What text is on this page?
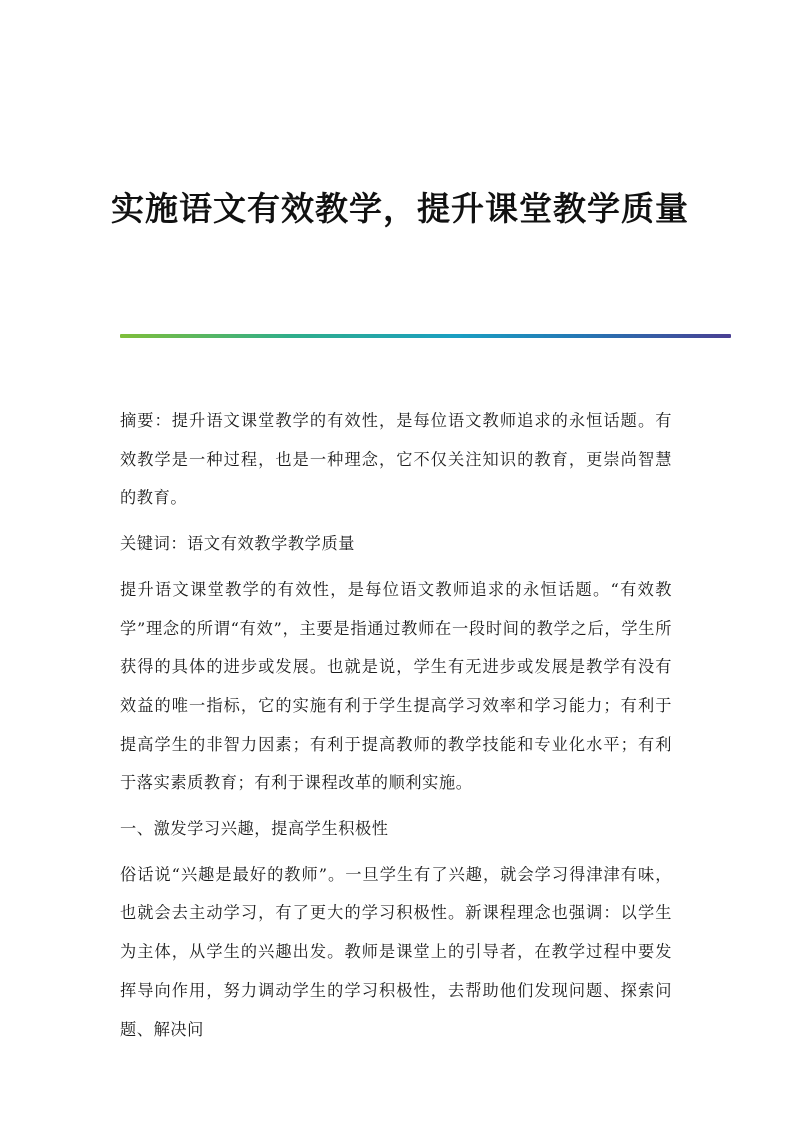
实施语文有效教学，提升课堂教学质量

摘要：提升语文课堂教学的有效性，是每位语文教师追求的永恒话题。有效教学是一种过程，也是一种理念，它不仅关注知识的教育，更崇尚智慧的教育。

关键词：语文有效教学教学质量

提升语文课堂教学的有效性，是每位语文教师追求的永恒话题。“有效教学”理念的所谓“有效”，主要是指通过教师在一段时间的教学之后，学生所获得的具体的进步或发展。也就是说，学生有无进步或发展是教学有没有效益的唯一指标，它的实施有利于学生提高学习效率和学习能力；有利于提高学生的非智力因素；有利于提高教师的教学技能和专业化水平；有利于落实素质教育；有利于课程改革的顺利实施。

一、激发学习兴趣，提高学生积极性

俗话说“兴趣是最好的教师”。一旦学生有了兴趣，就会学习得津津有味，也就会去主动学习，有了更大的学习积极性。新课程理念也强调：以学生为主体，从学生的兴趣出发。教师是课堂上的引导者，在教学过程中要发挥导向作用，努力调动学生的学习积极性，去帮助他们发现问题、探索问题、解决问
